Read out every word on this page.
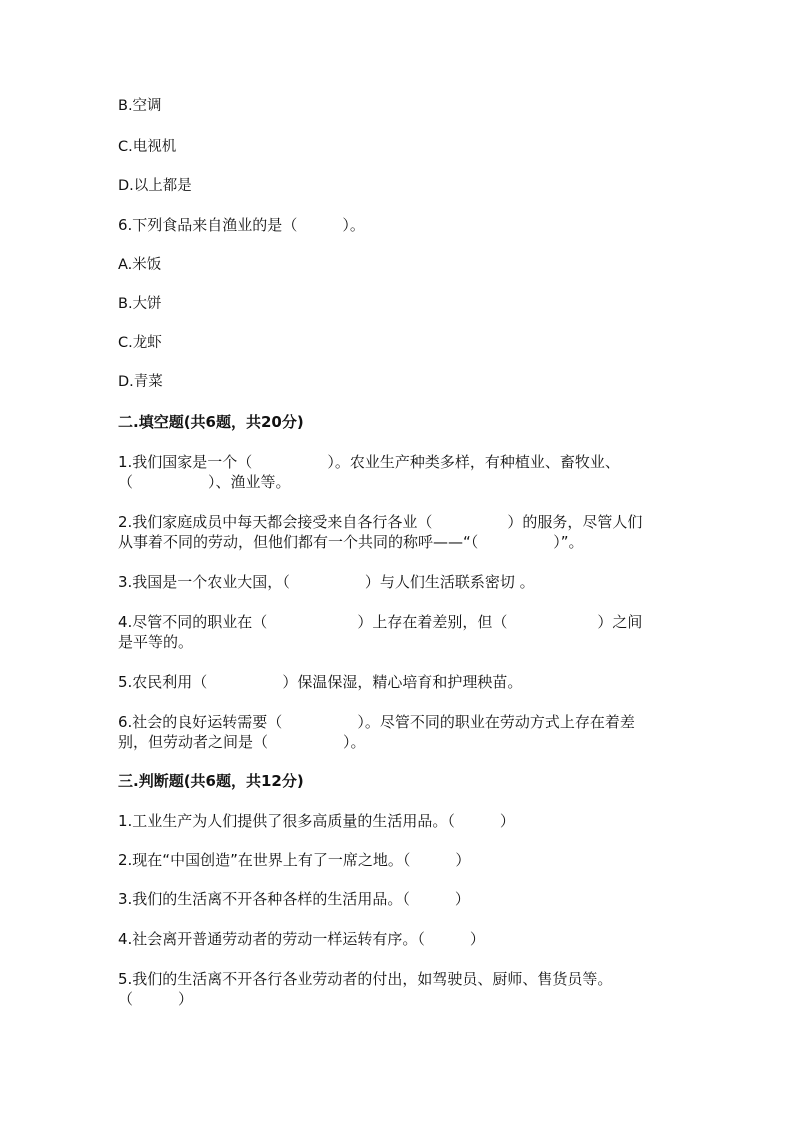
B.空调
C.电视机
D.以上都是
6.下列食品来自渔业的是（　　　）。
A.米饭
B.大饼
C.龙虾
D.青菜
二.填空题(共6题，共20分)
1.我们国家是一个（　　　　　）。农业生产种类多样，有种植业、畜牧业、
（　　　　　）、渔业等。
2.我们家庭成员中每天都会接受来自各行各业（　　　　　）的服务，尽管人们
从事着不同的劳动，但他们都有一个共同的称呼——“（　　　　　）”。
3.我国是一个农业大国，（　　　　　）与人们生活联系密切 。
4.尽管不同的职业在（　　　　　　）上存在着差别，但（　　　　　　）之间
是平等的。
5.农民利用（　　　　　）保温保湿，精心培育和护理秧苗。
6.社会的良好运转需要（　　　　　）。尽管不同的职业在劳动方式上存在着差
别，但劳动者之间是（　　　　　）。
三.判断题(共6题，共12分)
1.工业生产为人们提供了很多高质量的生活用品。（　　　）
2.现在“中国创造”在世界上有了一席之地。（　　　）
3.我们的生活离不开各种各样的生活用品。（　　　）
4.社会离开普通劳动者的劳动一样运转有序。（　　　）
5.我们的生活离不开各行各业劳动者的付出，如驾驶员、厨师、售货员等。
（　　　）
